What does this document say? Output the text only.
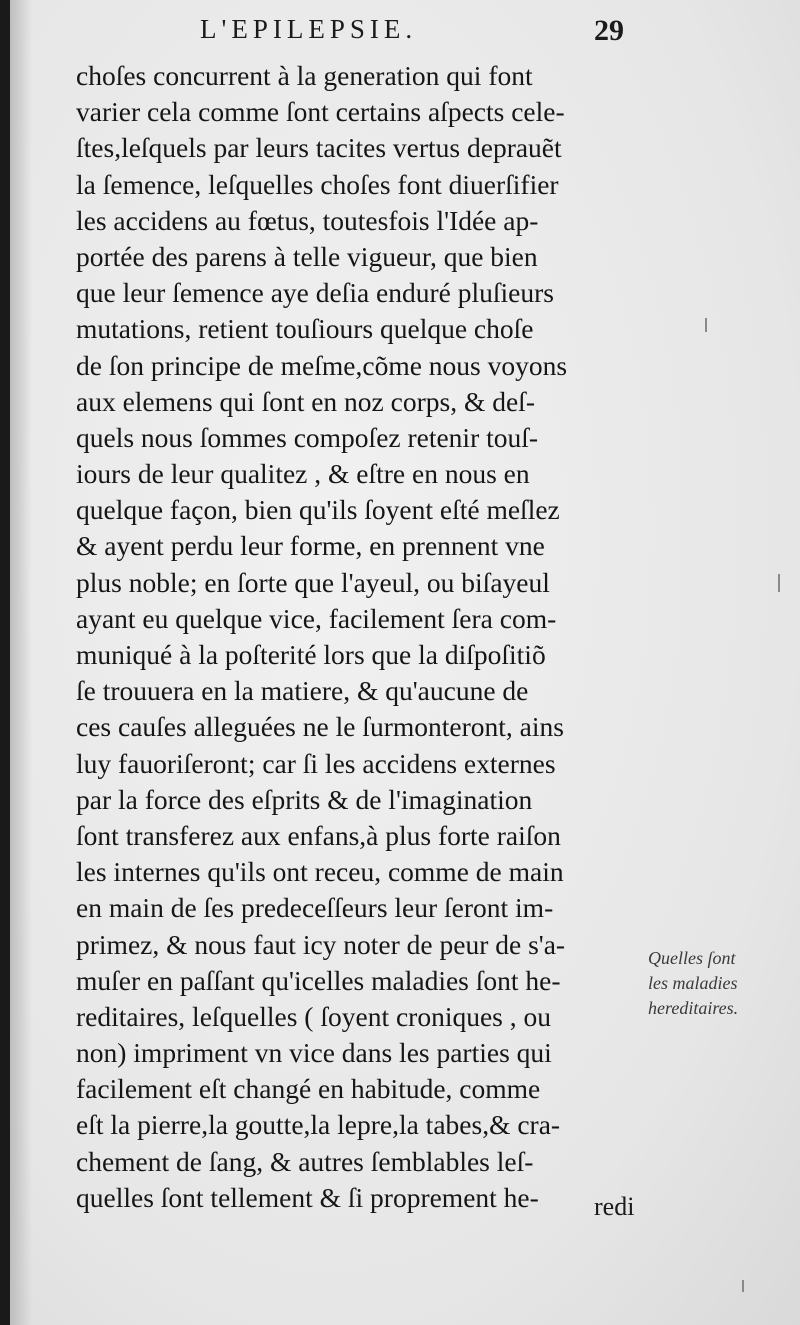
L'EPILEPSIE.	29
choſes concurrent à la generation qui font
varier cela comme ſont certains aſpects cele-
ſtes,leſquels par leurs tacites vertus deprauẽt
la ſemence, leſquelles choſes font diuerſifier
les accidens au fœtus, toutesfois l'Idée ap-
portée des parens à telle vigueur, que bien
que leur ſemence aye deſia enduré pluſieurs
mutations, retient touſiours quelque choſe
de ſon principe de meſme,cõme nous voyons
aux elemens qui ſont en noz corps, & deſ-
quels nous ſommes compoſez retenir touſ-
iours de leur qualitez , & eſtre en nous en
quelque façon, bien qu'ils ſoyent eſté meſlez
& ayent perdu leur forme, en prennent vne
plus noble; en ſorte que l'ayeul, ou biſayeul
ayant eu quelque vice, facilement ſera com-
muniqué à la poſterité lors que la diſpoſitiõ
ſe trouuera en la matiere, & qu'aucune de
ces cauſes alleguées ne le ſurmonteront, ains
luy fauoriſeront; car ſi les accidens externes
par la force des eſprits & de l'imagination
ſont transferez aux enfans,à plus forte raiſon
les internes qu'ils ont receu, comme de main
en main de ſes predeceſſeurs leur ſeront im-
primez, & nous faut icy noter de peur de s'a-
muſer en paſſant qu'icelles maladies ſont he-
reditaires, leſquelles ( ſoyent croniques , ou
non) impriment vn vice dans les parties qui
facilement eſt changé en habitude, comme
eſt la pierre,la goutte,la lepre,la tabes,& cra-
chement de ſang, & autres ſemblables leſ-
quelles ſont tellement & ſi proprement he-	redi
Quelles ſont
les maladies
hereditaires.
